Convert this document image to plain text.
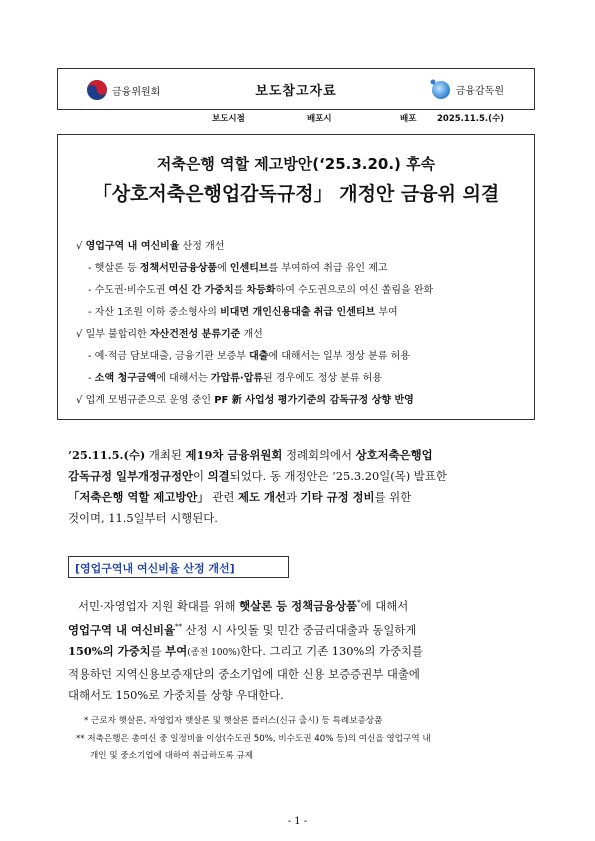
금융위원회	보도참고자료	금융감독원
보도시점	배포시	배포 2025.11.5.(수)
저축은행 역할 제고방안(‘25.3.20.) 후속
「상호저축은행업감독규정」 개정안 금융위 의결
√ 영업구역 내 여신비율 산정 개선
- 햇살론 등 정책서민금융상품에 인센티브를 부여하여 취급 유인 제고
- 수도권·비수도권 여신 간 가중치를 차등화하여 수도권으로의 여신 쏠림을 완화
- 자산 1조원 이하 중소형사의 비대면 개인신용대출 취급 인센티브 부여
√ 일부 불합리한 자산건전성 분류기준 개선
- 예·적금 담보대출, 금융기관 보증부 대출에 대해서는 일부 정상 분류 허용
- 소액 청구금액에 대해서는 가압류·압류된 경우에도 정상 분류 허용
√ 업계 모범규준으로 운영 중인 PF 新 사업성 평가기준의 감독규정 상향 반영
’25.11.5.(수) 개최된 제19차 금융위원회 정례회의에서 상호저축은행업
감독규정 일부개정규정안이 의결되었다. 동 개정안은 ‘25.3.20일(목) 발표한
「저축은행 역할 제고방안」 관련 제도 개선과 기타 규정 정비를 위한
것이며, 11.5일부터 시행된다.
[영업구역내 여신비율 산정 개선]
서민·자영업자 지원 확대를 위해 햇살론 등 정책금융상품*에 대해서
영업구역 내 여신비율** 산정 시 사잇돌 및 민간 중금리대출과 동일하게
150%의 가중치를 부여(종전 100%)한다. 그리고 기존 130%의 가중치를
적용하던 지역신용보증재단의 중소기업에 대한 신용 보증증권부 대출에
대해서도 150%로 가중치를 상향 우대한다.
* 근로자 햇살론, 자영업자 햇살론 및 햇살론 플러스(신규 출시) 등 특례보증상품
** 저축은행은 총여신 중 일정비율 이상(수도권 50%, 비수도권 40% 등)의 여신을 영업구역 내
개인 및 중소기업에 대하여 취급하도록 규제
- 1 -
